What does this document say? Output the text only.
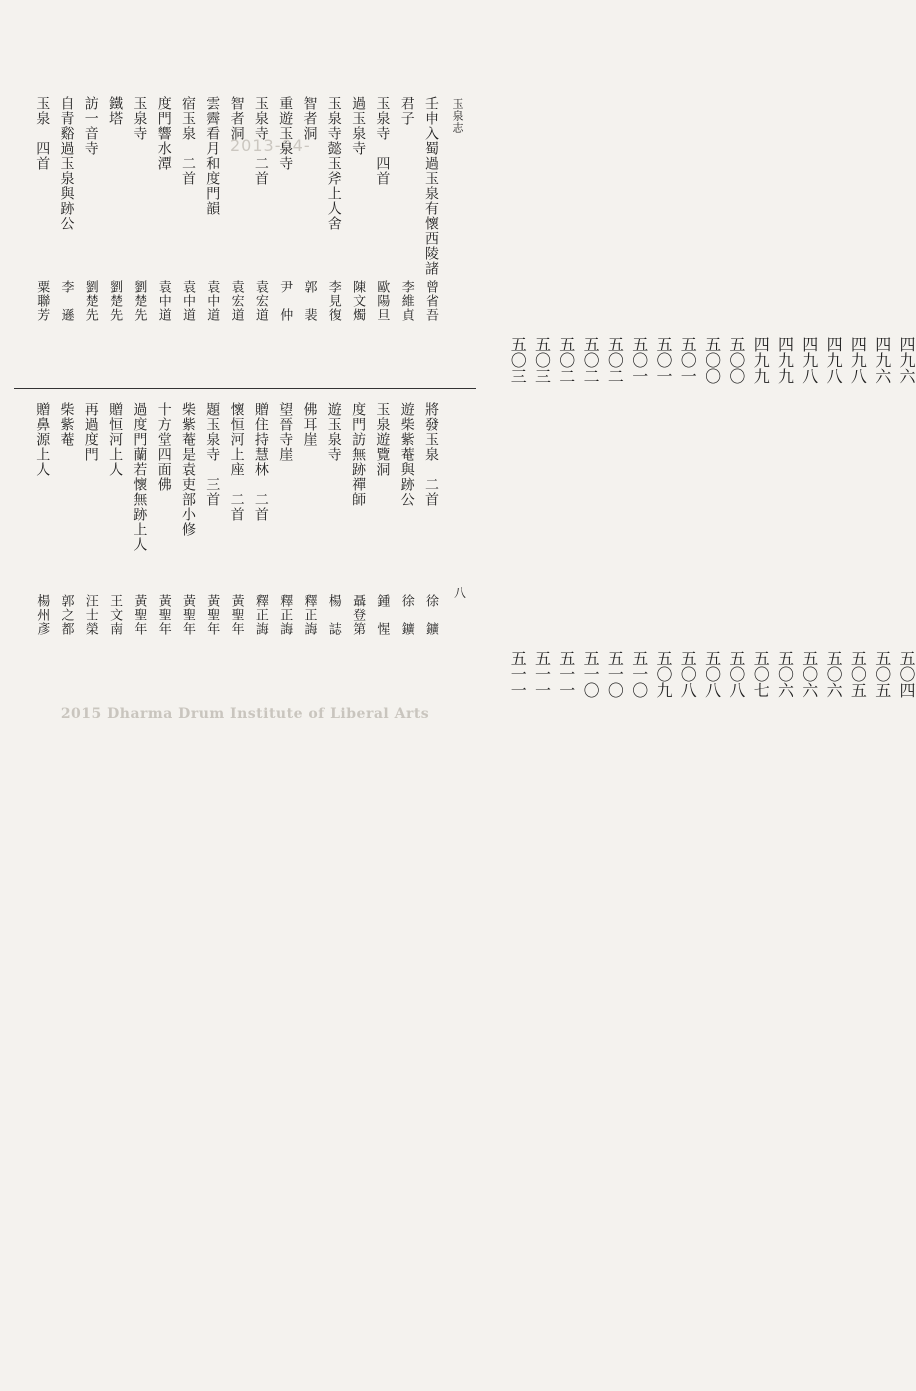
玉泉志
八
2013-04-	壬申入蜀過玉泉有懷西陵諸
曾省吾
四九六
君子
李維貞
四九六
玉泉寺　四首
歐陽旦
四九八
過玉泉寺
陳文燭
四九八
玉泉寺懿玉斧上人舍
李見復
四九八
智者洞
郭　裴
四九九
重遊玉泉寺
尹　仲
四九九
玉泉寺　二首
袁宏道
五〇〇
智者洞
袁宏道
五〇〇
雲霽看月和度門韻
袁中道
五〇一
宿玉泉　二首
袁中道
五〇一
度門響水潭
袁中道
五〇一
玉泉寺
劉楚先
五〇二
鐵塔
劉楚先
五〇二
訪一音寺
劉楚先
五〇二
自青谿過玉泉與跡公
李　遜
五〇三
玉泉　四首
粟聯芳
五〇三
將發玉泉　二首
徐　鑛
五〇四
遊柴紫菴與跡公
徐　鑛
五〇五
玉泉遊覽洞
鍾　惺
五〇五
度門訪無跡禪師
聶登第
五〇六
遊玉泉寺
楊　誌
五〇六
佛耳崖
釋正誨
五〇六
望晉寺崖
釋正誨
五〇七
贈住持慧林　二首
釋正誨
五〇八
懷恒河上座　二首
黃聖年
五〇八
題玉泉寺　三首
黃聖年
五〇八
柴紫菴是袁吏部小修
黃聖年
五〇九
十方堂四面佛
黃聖年
五一〇
過度門蘭若懷無跡上人
黃聖年
五一〇
贈恒河上人
王文南
五一〇
再過度門
汪士榮
五一一
柴紫菴
郭之都
五一一
贈鼻源上人
楊州彥
五一一
2015 Dharma Drum Institute of Liberal Arts
